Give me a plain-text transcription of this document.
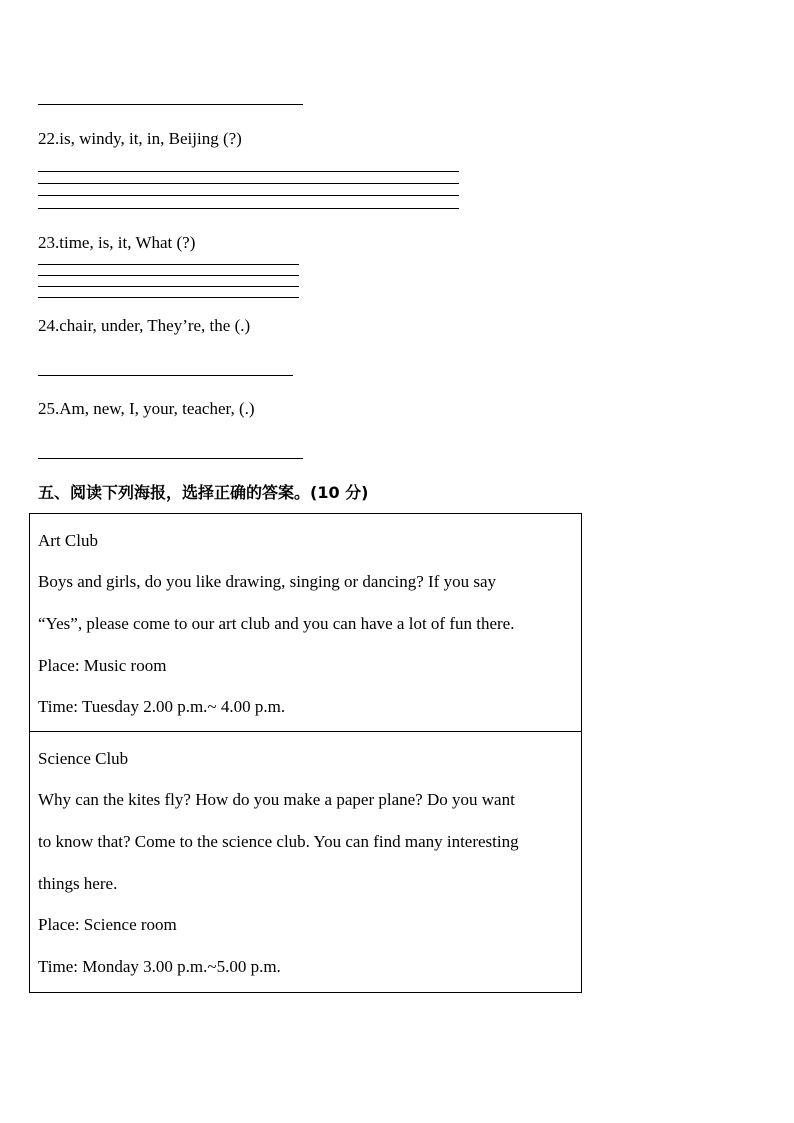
22.is, windy, it, in, Beijing (?)
23.time, is, it, What (?)
24.chair, under, They’re, the (.)
25.Am, new, I, your, teacher, (.)
五、阅读下列海报，选择正确的答案。(10 分)

Art Club

Boys and girls, do you like drawing, singing or dancing? If you say

“Yes”, please come to our art club and you can have a lot of fun there.

Place: Music room

Time: Tuesday 2.00 p.m.~ 4.00 p.m.

Science Club

Why can the kites fly? How do you make a paper plane? Do you want

to know that? Come to the science club. You can find many interesting

things here.

Place: Science room

Time: Monday 3.00 p.m.~5.00 p.m.
